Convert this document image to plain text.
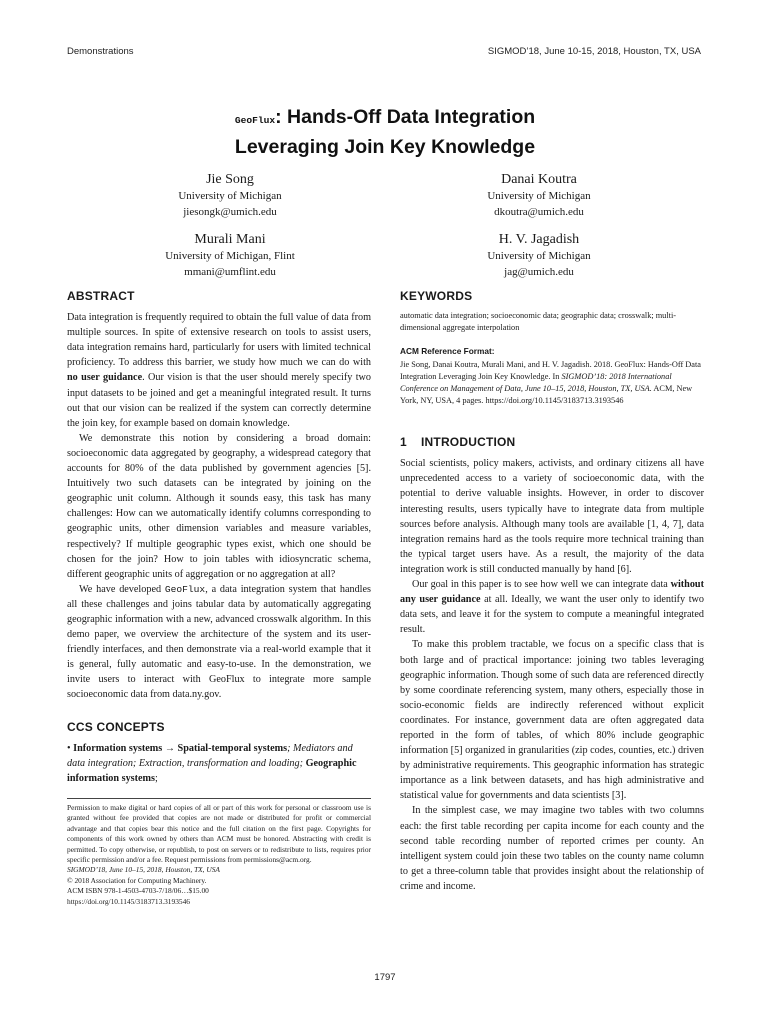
Demonstrations	SIGMOD’18, June 10-15, 2018, Houston, TX, USA
GeoFlux: Hands-Off Data Integration
Leveraging Join Key Knowledge
Jie Song
University of Michigan
jiesongk@umich.edu
Danai Koutra
University of Michigan
dkoutra@umich.edu
Murali Mani
University of Michigan, Flint
mmani@umflint.edu
H. V. Jagadish
University of Michigan
jag@umich.edu
ABSTRACT

Data integration is frequently required to obtain the full value of data from multiple sources. In spite of extensive research on tools to assist users, data integration remains hard, particularly for users with limited technical proficiency. To address this barrier, we study how much we can do with no user guidance. Our vision is that the user should merely specify two input datasets to be joined and get a meaningful integrated result. It turns out that our vision can be realized if the system can correctly determine the join key, for example based on domain knowledge.

We demonstrate this notion by considering a broad domain: socioeconomic data aggregated by geography, a widespread category that accounts for 80% of the data published by government agencies [5]. Intuitively two such datasets can be integrated by joining on the geographic unit column. Although it sounds easy, this task has many challenges: How can we automatically identify columns corresponding to geographic units, other dimension variables and measure variables, respectively? If multiple geographic types exist, which one should be chosen for the join? How to join tables with idiosyncratic schema, different geographic units of aggregation or no aggregation at all?

We have developed GeoFlux, a data integration system that handles all these challenges and joins tabular data by automatically aggregating geographic information with a new, advanced crosswalk algorithm. In this demo paper, we overview the architecture of the system and its user-friendly interfaces, and then demonstrate via a real-world example that it is general, fully automatic and easy-to-use. In the demonstration, we invite users to interact with GeoFlux to integrate more sample socioeconomic data from data.ny.gov.

CCS CONCEPTS

• Information systems → Spatial-temporal systems; Mediators and data integration; Extraction, transformation and loading; Geographic information systems;

Permission to make digital or hard copies of all or part of this work for personal or classroom use is granted without fee provided that copies are not made or distributed for profit or commercial advantage and that copies bear this notice and the full citation on the first page. Copyrights for components of this work owned by others than ACM must be honored. Abstracting with credit is permitted. To copy otherwise, or republish, to post on servers or to redistribute to lists, requires prior specific permission and/or a fee. Request permissions from permissions@acm.org.

SIGMOD’18, June 10–15, 2018, Houston, TX, USA
© 2018 Association for Computing Machinery.
ACM ISBN 978-1-4503-4703-7/18/06…$15.00
https://doi.org/10.1145/3183713.3193546
KEYWORDS

automatic data integration; socioeconomic data; geographic data; crosswalk; multi-dimensional aggregate interpolation

ACM Reference Format:

Jie Song, Danai Koutra, Murali Mani, and H. V. Jagadish. 2018. GeoFlux: Hands-Off Data Integration Leveraging Join Key Knowledge. In SIGMOD’18: 2018 International Conference on Management of Data, June 10–15, 2018, Houston, TX, USA. ACM, New York, NY, USA, 4 pages. https://doi.org/10.1145/3183713.3193546

1    INTRODUCTION

Social scientists, policy makers, activists, and ordinary citizens all have unprecedented access to a variety of socioeconomic data, with the potential to derive valuable insights. However, in order to discover interesting results, users typically have to integrate data from multiple sources before analysis. Although many tools are available [1, 4, 7], data integration remains hard as the tools require more technical training than the typical target users have. As a result, the majority of the data integration work is still conducted manually by hand [6].

Our goal in this paper is to see how well we can integrate data without any user guidance at all. Ideally, we want the user only to identify two data sets, and leave it for the system to compute a meaningful integrated result.

To make this problem tractable, we focus on a specific class that is both large and of practical importance: joining two tables leveraging geographic information. Though some of such data are referenced directly by some coordinate referencing system, many others, especially those in socio-economic fields are indirectly referenced without explicit coordinates. For instance, government data are often aggregated data reported in the form of tables, of which 80% include geographic information [5] organized in granularities (zip codes, counties, etc.) driven by administrative requirements. This geographic information has strategic importance as a link between datasets, and has high administrative and statistical value for governments and data scientists [3].

In the simplest case, we may imagine two tables with two columns each: the first table recording per capita income for each county and the second table recording number of reported crimes per county. An intelligent system could join these two tables on the county name column to get a three-column table that provides insight about the relationship of crime and income.

1797
